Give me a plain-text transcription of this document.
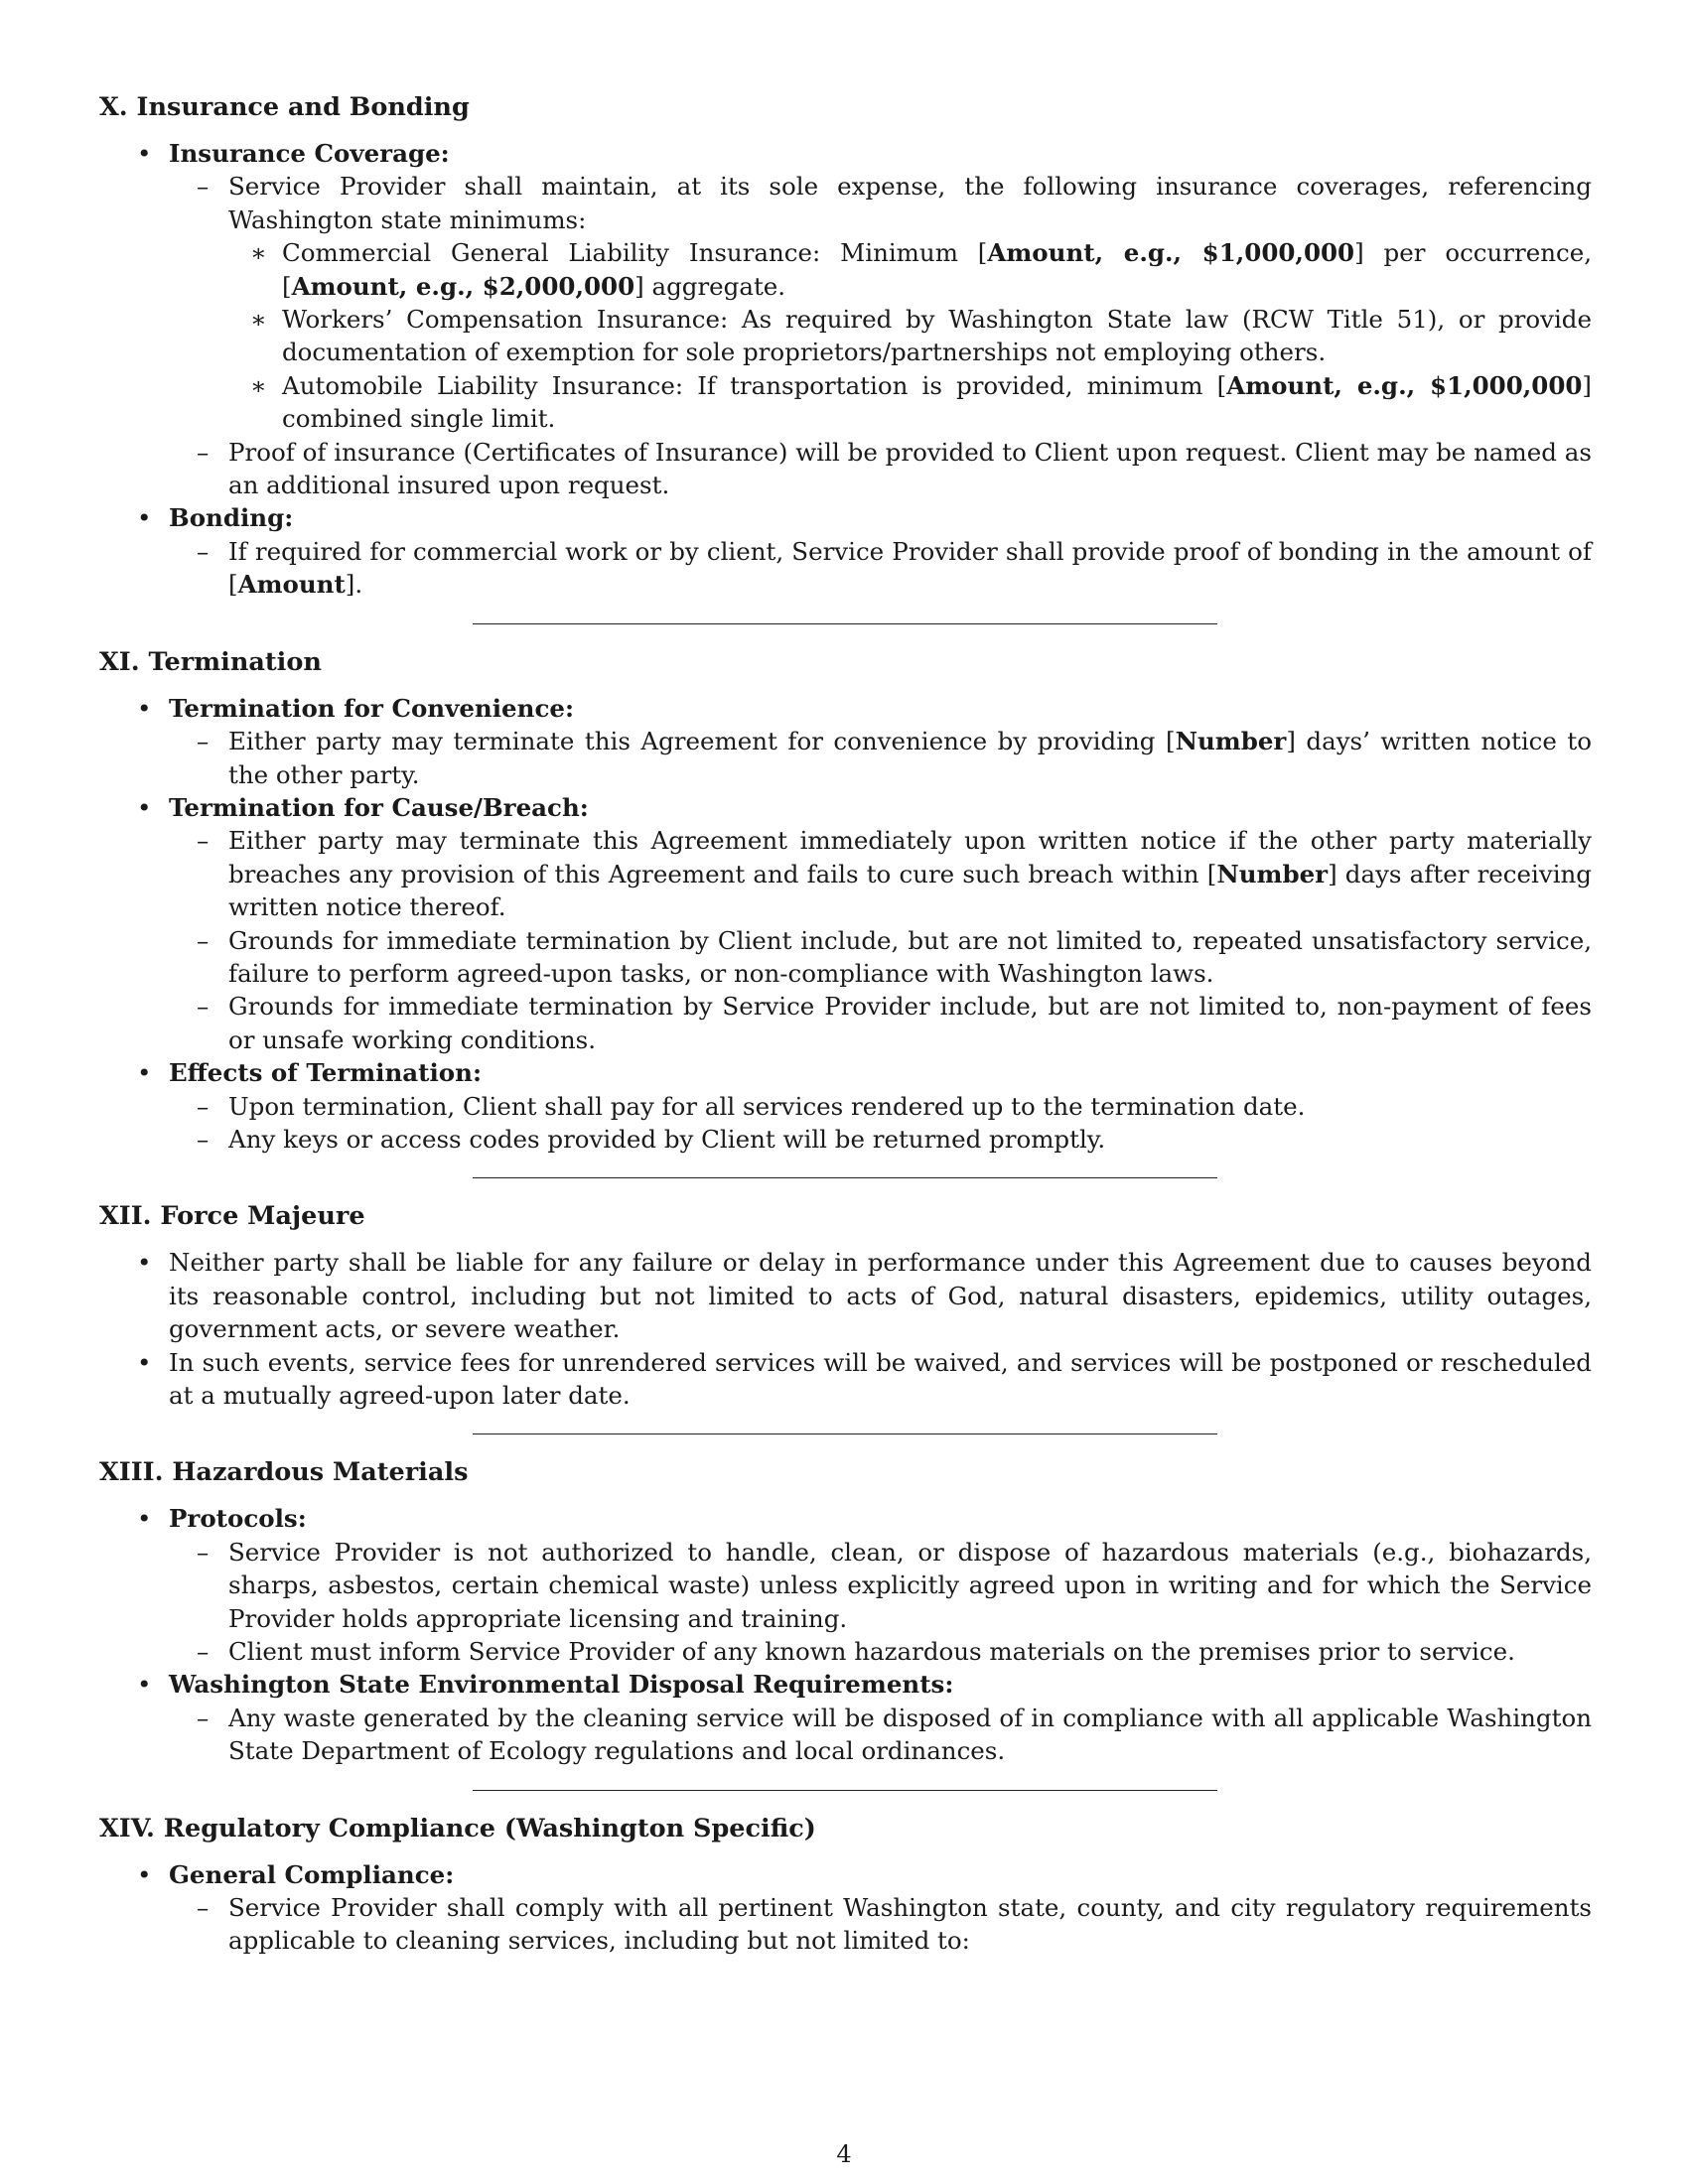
X. Insurance and Bonding
• Insurance Coverage:
– Service Provider shall maintain, at its sole expense, the following insurance coverages, referencing Washington state minimums:
∗ Commercial General Liability Insurance: Minimum [Amount, e.g., $1,000,000] per occurrence, [Amount, e.g., $2,000,000] aggregate.
∗ Workers’ Compensation Insurance: As required by Washington State law (RCW Title 51), or provide documentation of exemption for sole proprietors/partnerships not employing others.
∗ Automobile Liability Insurance: If transportation is provided, minimum [Amount, e.g., $1,000,000] combined single limit.
– Proof of insurance (Certificates of Insurance) will be provided to Client upon request. Client may be named as an additional insured upon request.
• Bonding:
– If required for commercial work or by client, Service Provider shall provide proof of bonding in the amount of [Amount].
XI. Termination
• Termination for Convenience:
– Either party may terminate this Agreement for convenience by providing [Number] days’ written notice to the other party.
• Termination for Cause/Breach:
– Either party may terminate this Agreement immediately upon written notice if the other party materially breaches any provision of this Agreement and fails to cure such breach within [Number] days after receiving written notice thereof.
– Grounds for immediate termination by Client include, but are not limited to, repeated unsatisfactory service, failure to perform agreed-upon tasks, or non-compliance with Washington laws.
– Grounds for immediate termination by Service Provider include, but are not limited to, non-payment of fees or unsafe working conditions.
• Effects of Termination:
– Upon termination, Client shall pay for all services rendered up to the termination date.
– Any keys or access codes provided by Client will be returned promptly.
XII. Force Majeure
• Neither party shall be liable for any failure or delay in performance under this Agreement due to causes beyond its reasonable control, including but not limited to acts of God, natural disasters, epidemics, utility outages, government acts, or severe weather.
• In such events, service fees for unrendered services will be waived, and services will be postponed or rescheduled at a mutually agreed-upon later date.
XIII. Hazardous Materials
• Protocols:
– Service Provider is not authorized to handle, clean, or dispose of hazardous materials (e.g., biohazards, sharps, asbestos, certain chemical waste) unless explicitly agreed upon in writing and for which the Service Provider holds appropriate licensing and training.
– Client must inform Service Provider of any known hazardous materials on the premises prior to service.
• Washington State Environmental Disposal Requirements:
– Any waste generated by the cleaning service will be disposed of in compliance with all applicable Washington State Department of Ecology regulations and local ordinances.
XIV. Regulatory Compliance (Washington Specific)
• General Compliance:
– Service Provider shall comply with all pertinent Washington state, county, and city regulatory requirements applicable to cleaning services, including but not limited to:
4
